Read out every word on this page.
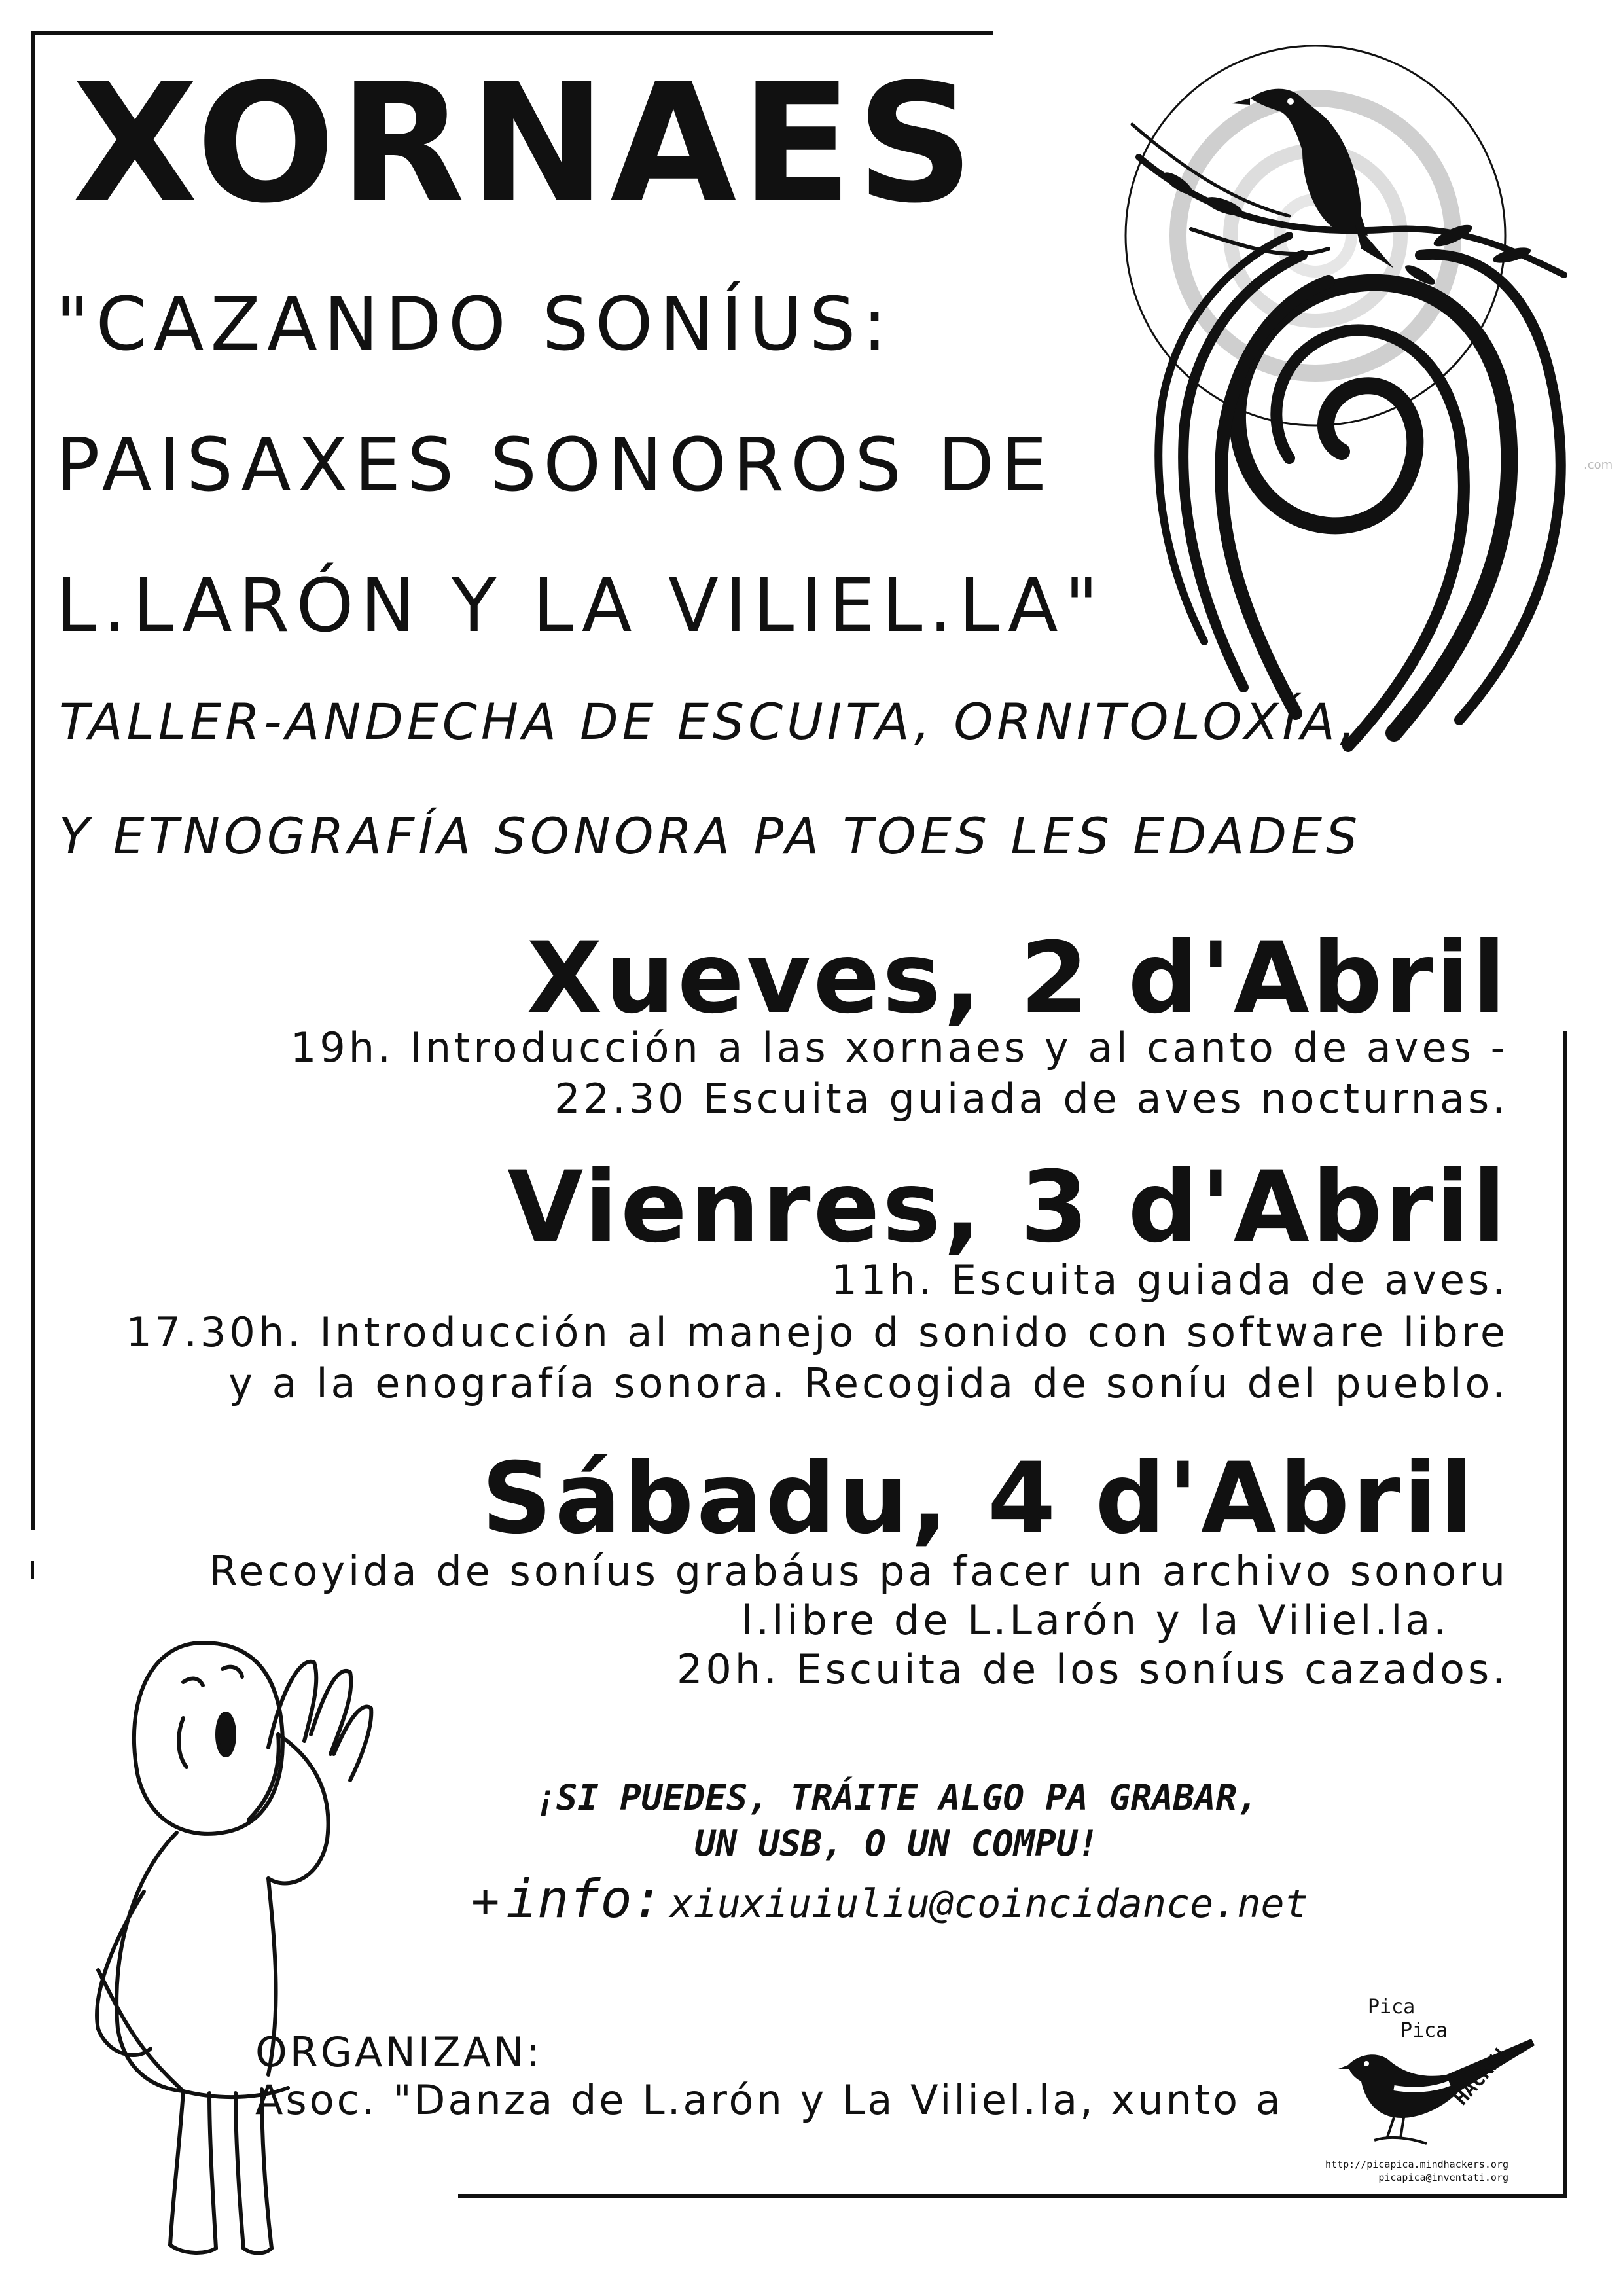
XORNAES
"CAZANDO SONÍUS:
PAISAXES SONOROS DE
L.LARÓN Y LA VILIEL.LA"
TALLER-ANDECHA DE ESCUITA, ORNITOLOXÍA,
Y ETNOGRAFÍA SONORA PA TOES LES EDADES
.com
Xueves, 2 d'Abril
19h. Introducción a las xornaes y al canto de aves -
22.30 Escuita guiada de aves nocturnas.
Vienres, 3 d'Abril
11h. Escuita guiada de aves.
17.30h. Introducción al manejo d sonido con software libre
y a la enografía sonora. Recogida de soníu del pueblo.
Sábadu, 4 d'Abril
Recoyida de soníus grabáus pa facer un archivo sonoru
l.libre de L.Larón y la Viliel.la.
20h. Escuita de los soníus cazados.
¡SI PUEDES, TRÁITE ALGO PA GRABAR,
UN USB, O UN COMPU!
+ info: xiuxiuiuliu@coincidance.net
ORGANIZAN:
Asoc. "Danza de L.arón y La Viliel.la, xunto a
Pica
Pica
HACK#!
http://picapica.mindhackers.org
picapica@inventati.org
